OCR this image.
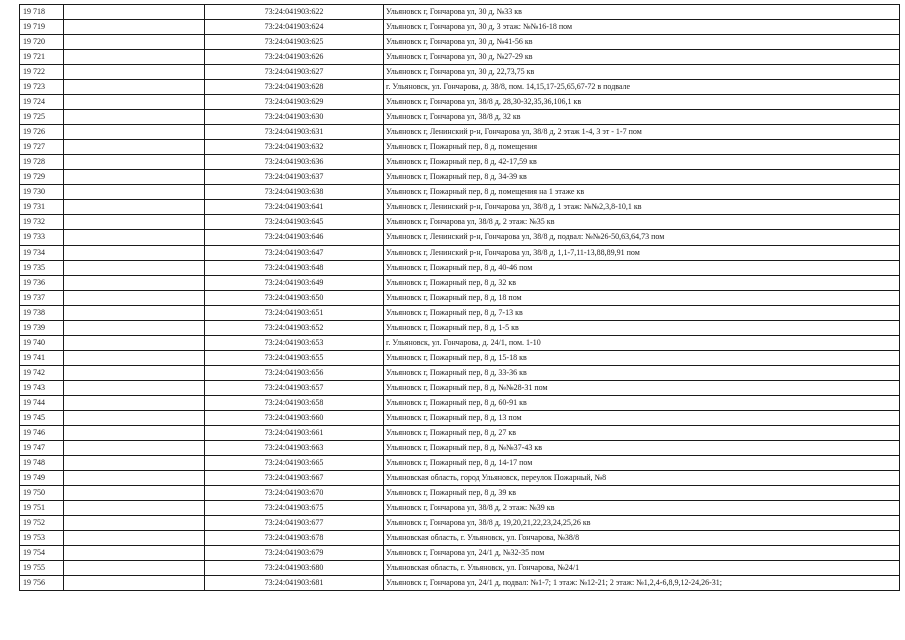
19 718		73:24:041903:622	Ульяновск г, Гончарова ул, 30 д, №33 кв
19 719		73:24:041903:624	Ульяновск г, Гончарова ул, 30 д, 3 этаж: №№16-18 пом
19 720		73:24:041903:625	Ульяновск г, Гончарова ул, 30 д, №41-56 кв
19 721		73:24:041903:626	Ульяновск г, Гончарова ул, 30 д, №27-29 кв
19 722		73:24:041903:627	Ульяновск г, Гончарова ул, 30 д, 22,73,75 кв
19 723		73:24:041903:628	г. Ульяновск, ул. Гончарова, д. 38/8, пом. 14,15,17-25,65,67-72 в подвале
19 724		73:24:041903:629	Ульяновск г, Гончарова ул, 38/8 д, 28,30-32,35,36,106,1 кв
19 725		73:24:041903:630	Ульяновск г, Гончарова ул, 38/8 д, 32 кв
19 726		73:24:041903:631	Ульяновск г, Ленинский р-н, Гончарова ул, 38/8 д, 2 этаж 1-4, 3 эт - 1-7 пом
19 727		73:24:041903:632	Ульяновск г, Пожарный пер, 8 д, помещения
19 728		73:24:041903:636	Ульяновск г, Пожарный пер, 8 д, 42-17,59 кв
19 729		73:24:041903:637	Ульяновск г, Пожарный пер, 8 д, 34-39 кв
19 730		73:24:041903:638	Ульяновск г, Пожарный пер, 8 д, помещения на 1 этаже кв
19 731		73:24:041903:641	Ульяновск г, Ленинский р-н, Гончарова ул, 38/8 д, 1 этаж: №№2,3,8-10,1 кв
19 732		73:24:041903:645	Ульяновск г, Гончарова ул, 38/8 д, 2 этаж: №35 кв
19 733		73:24:041903:646	Ульяновск г, Ленинский р-н, Гончарова ул, 38/8 д, подвал: №№26-50,63,64,73 пом
19 734		73:24:041903:647	Ульяновск г, Ленинский р-н, Гончарова ул, 38/8 д, 1,1-7,11-13,88,89,91 пом
19 735		73:24:041903:648	Ульяновск г, Пожарный пер, 8 д, 40-46 пом
19 736		73:24:041903:649	Ульяновск г, Пожарный пер, 8 д, 32 кв
19 737		73:24:041903:650	Ульяновск г, Пожарный пер, 8 д, 18 пом
19 738		73:24:041903:651	Ульяновск г, Пожарный пер, 8 д, 7-13 кв
19 739		73:24:041903:652	Ульяновск г, Пожарный пер, 8 д, 1-5 кв
19 740		73:24:041903:653	г. Ульяновск, ул. Гончарова, д. 24/1, пом. 1-10
19 741		73:24:041903:655	Ульяновск г, Пожарный пер, 8 д, 15-18 кв
19 742		73:24:041903:656	Ульяновск г, Пожарный пер, 8 д, 33-36 кв
19 743		73:24:041903:657	Ульяновск г, Пожарный пер, 8 д, №№28-31 пом
19 744		73:24:041903:658	Ульяновск г, Пожарный пер, 8 д, 60-91 кв
19 745		73:24:041903:660	Ульяновск г, Пожарный пер, 8 д, 13 пом
19 746		73:24:041903:661	Ульяновск г, Пожарный пер, 8 д, 27 кв
19 747		73:24:041903:663	Ульяновск г, Пожарный пер, 8 д, №№37-43 кв
19 748		73:24:041903:665	Ульяновск г, Пожарный пер, 8 д, 14-17 пом
19 749		73:24:041903:667	Ульяновская область, город Ульяновск, переулок Пожарный, №8
19 750		73:24:041903:670	Ульяновск г, Пожарный пер, 8 д, 39 кв
19 751		73:24:041903:675	Ульяновск г, Гончарова ул, 38/8 д, 2 этаж: №39 кв
19 752		73:24:041903:677	Ульяновск г, Гончарова ул, 38/8 д, 19,20,21,22,23,24,25,26 кв
19 753		73:24:041903:678	Ульяновская область, г. Ульяновск, ул. Гончарова, №38/8
19 754		73:24:041903:679	Ульяновск г, Гончарова ул, 24/1 д, №32-35 пом
19 755		73:24:041903:680	Ульяновская область, г. Ульяновск, ул. Гончарова, №24/1
19 756		73:24:041903:681	Ульяновск г, Гончарова ул, 24/1 д, подвал: №1-7; 1 этаж: №12-21; 2 этаж: №1,2,4-6,8,9,12-24,26-31;
